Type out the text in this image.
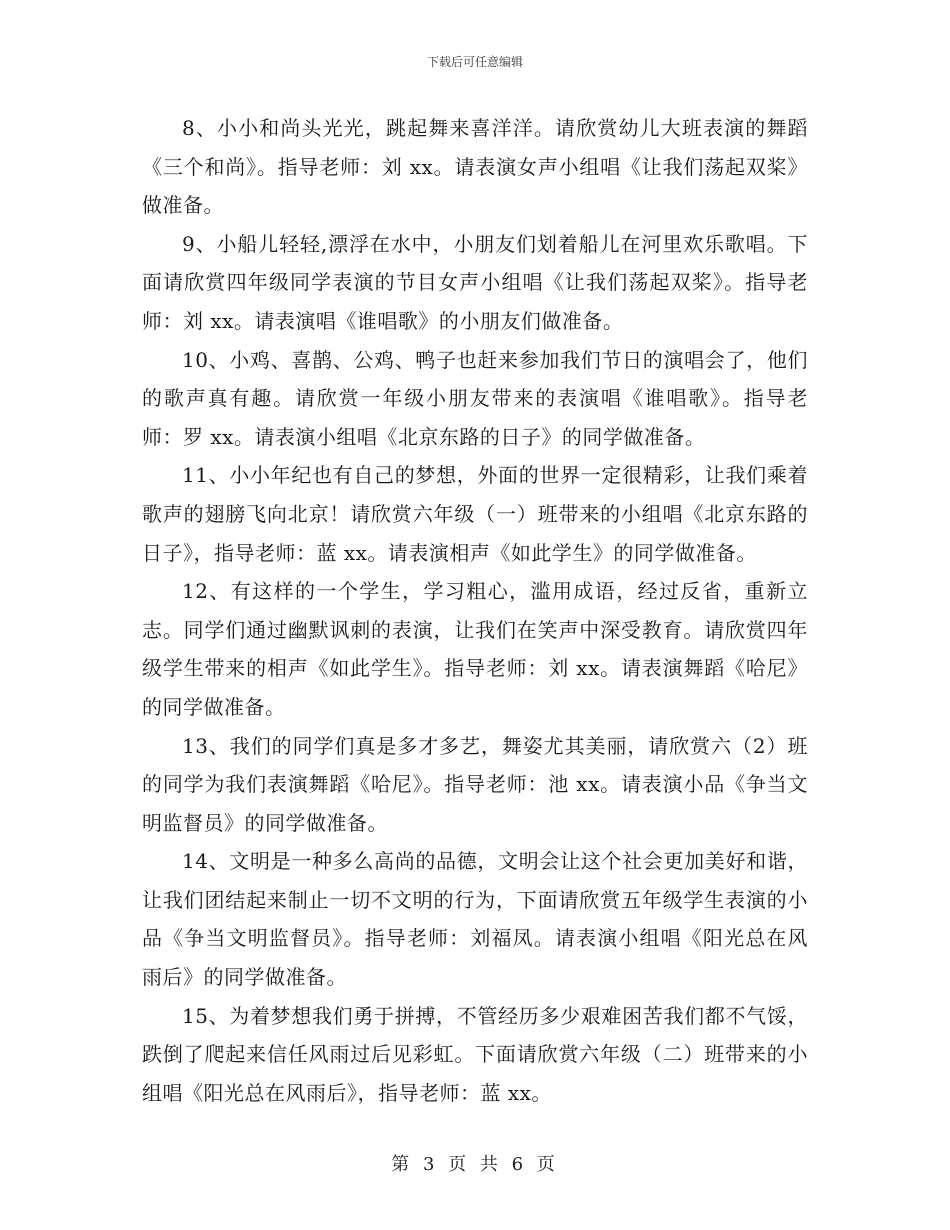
下载后可任意编辑

8、小小和尚头光光，跳起舞来喜洋洋。请欣赏幼儿大班表演的舞蹈《三个和尚》。指导老师：刘 xx。请表演女声小组唱《让我们荡起双桨》做准备。

9、小船儿轻轻,漂浮在水中，小朋友们划着船儿在河里欢乐歌唱。下面请欣赏四年级同学表演的节目女声小组唱《让我们荡起双桨》。指导老师：刘 xx。请表演唱《谁唱歌》的小朋友们做准备。

10、小鸡、喜鹊、公鸡、鸭子也赶来参加我们节日的演唱会了，他们的歌声真有趣。请欣赏一年级小朋友带来的表演唱《谁唱歌》。指导老师：罗 xx。请表演小组唱《北京东路的日子》的同学做准备。

11、小小年纪也有自己的梦想，外面的世界一定很精彩，让我们乘着歌声的翅膀飞向北京！请欣赏六年级（一）班带来的小组唱《北京东路的日子》，指导老师：蓝 xx。请表演相声《如此学生》的同学做准备。

12、有这样的一个学生，学习粗心，滥用成语，经过反省，重新立志。同学们通过幽默讽刺的表演，让我们在笑声中深受教育。请欣赏四年级学生带来的相声《如此学生》。指导老师：刘 xx。请表演舞蹈《哈尼》的同学做准备。

13、我们的同学们真是多才多艺，舞姿尤其美丽，请欣赏六（2）班的同学为我们表演舞蹈《哈尼》。指导老师：池 xx。请表演小品《争当文明监督员》的同学做准备。

14、文明是一种多么高尚的品德，文明会让这个社会更加美好和谐，让我们团结起来制止一切不文明的行为，下面请欣赏五年级学生表演的小品《争当文明监督员》。指导老师：刘福凤。请表演小组唱《阳光总在风雨后》的同学做准备。

15、为着梦想我们勇于拼搏，不管经历多少艰难困苦我们都不气馁，跌倒了爬起来信任风雨过后见彩虹。下面请欣赏六年级（二）班带来的小组唱《阳光总在风雨后》，指导老师：蓝 xx。

第 3 页 共 6 页
